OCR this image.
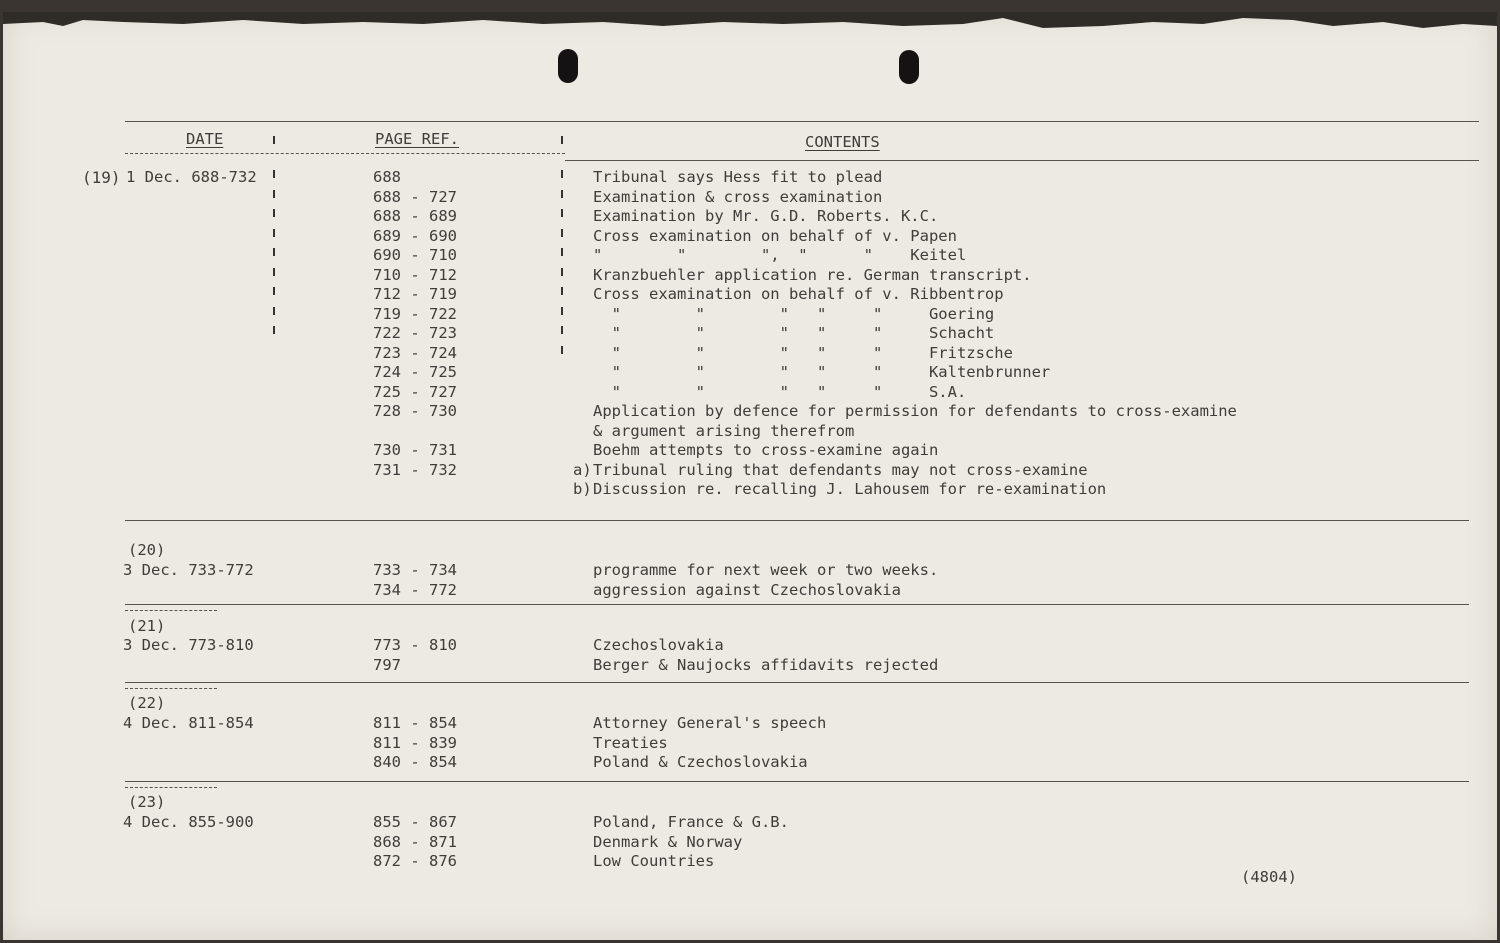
DATE	PAGE REF.	CONTENTS
(19) 1 Dec. 688-732	688	Tribunal says Hess fit to plead
688 - 727	Examination & cross examination
688 - 689	Examination by Mr. G.D. Roberts. K.C.
689 - 690	Cross examination on behalf of v. Papen
690 - 710	"        "        ",  "      "    Keitel
710 - 712	Kranzbuehler application re. German transcript.
712 - 719	Cross examination on behalf of v. Ribbentrop
719 - 722	"        "        "   "     "     Goering
722 - 723	"        "        "   "     "     Schacht
723 - 724	"        "        "   "     "     Fritzsche
724 - 725	"        "        "   "     "     Kaltenbrunner
725 - 727	"        "        "   "     "     S.A.
728 - 730	Application by defence for permission for defendants to cross-examine
& argument arising therefrom
730 - 731	Boehm attempts to cross-examine again
731 - 732	a) Tribunal ruling that defendants may not cross-examine
b) Discussion re. recalling J. Lahousem for re-examination
(20)
3 Dec. 733-772	733 - 734	programme for next week or two weeks.
734 - 772	aggression against Czechoslovakia
(21)
3 Dec. 773-810	773 - 810	Czechoslovakia
797	Berger & Naujocks affidavits rejected
(22)
4 Dec. 811-854	811 - 854	Attorney General's speech
811 - 839	Treaties
840 - 854	Poland & Czechoslovakia
(23)
4 Dec. 855-900	855 - 867	Poland, France & G.B.
868 - 871	Denmark & Norway
872 - 876	Low Countries
(4804)
